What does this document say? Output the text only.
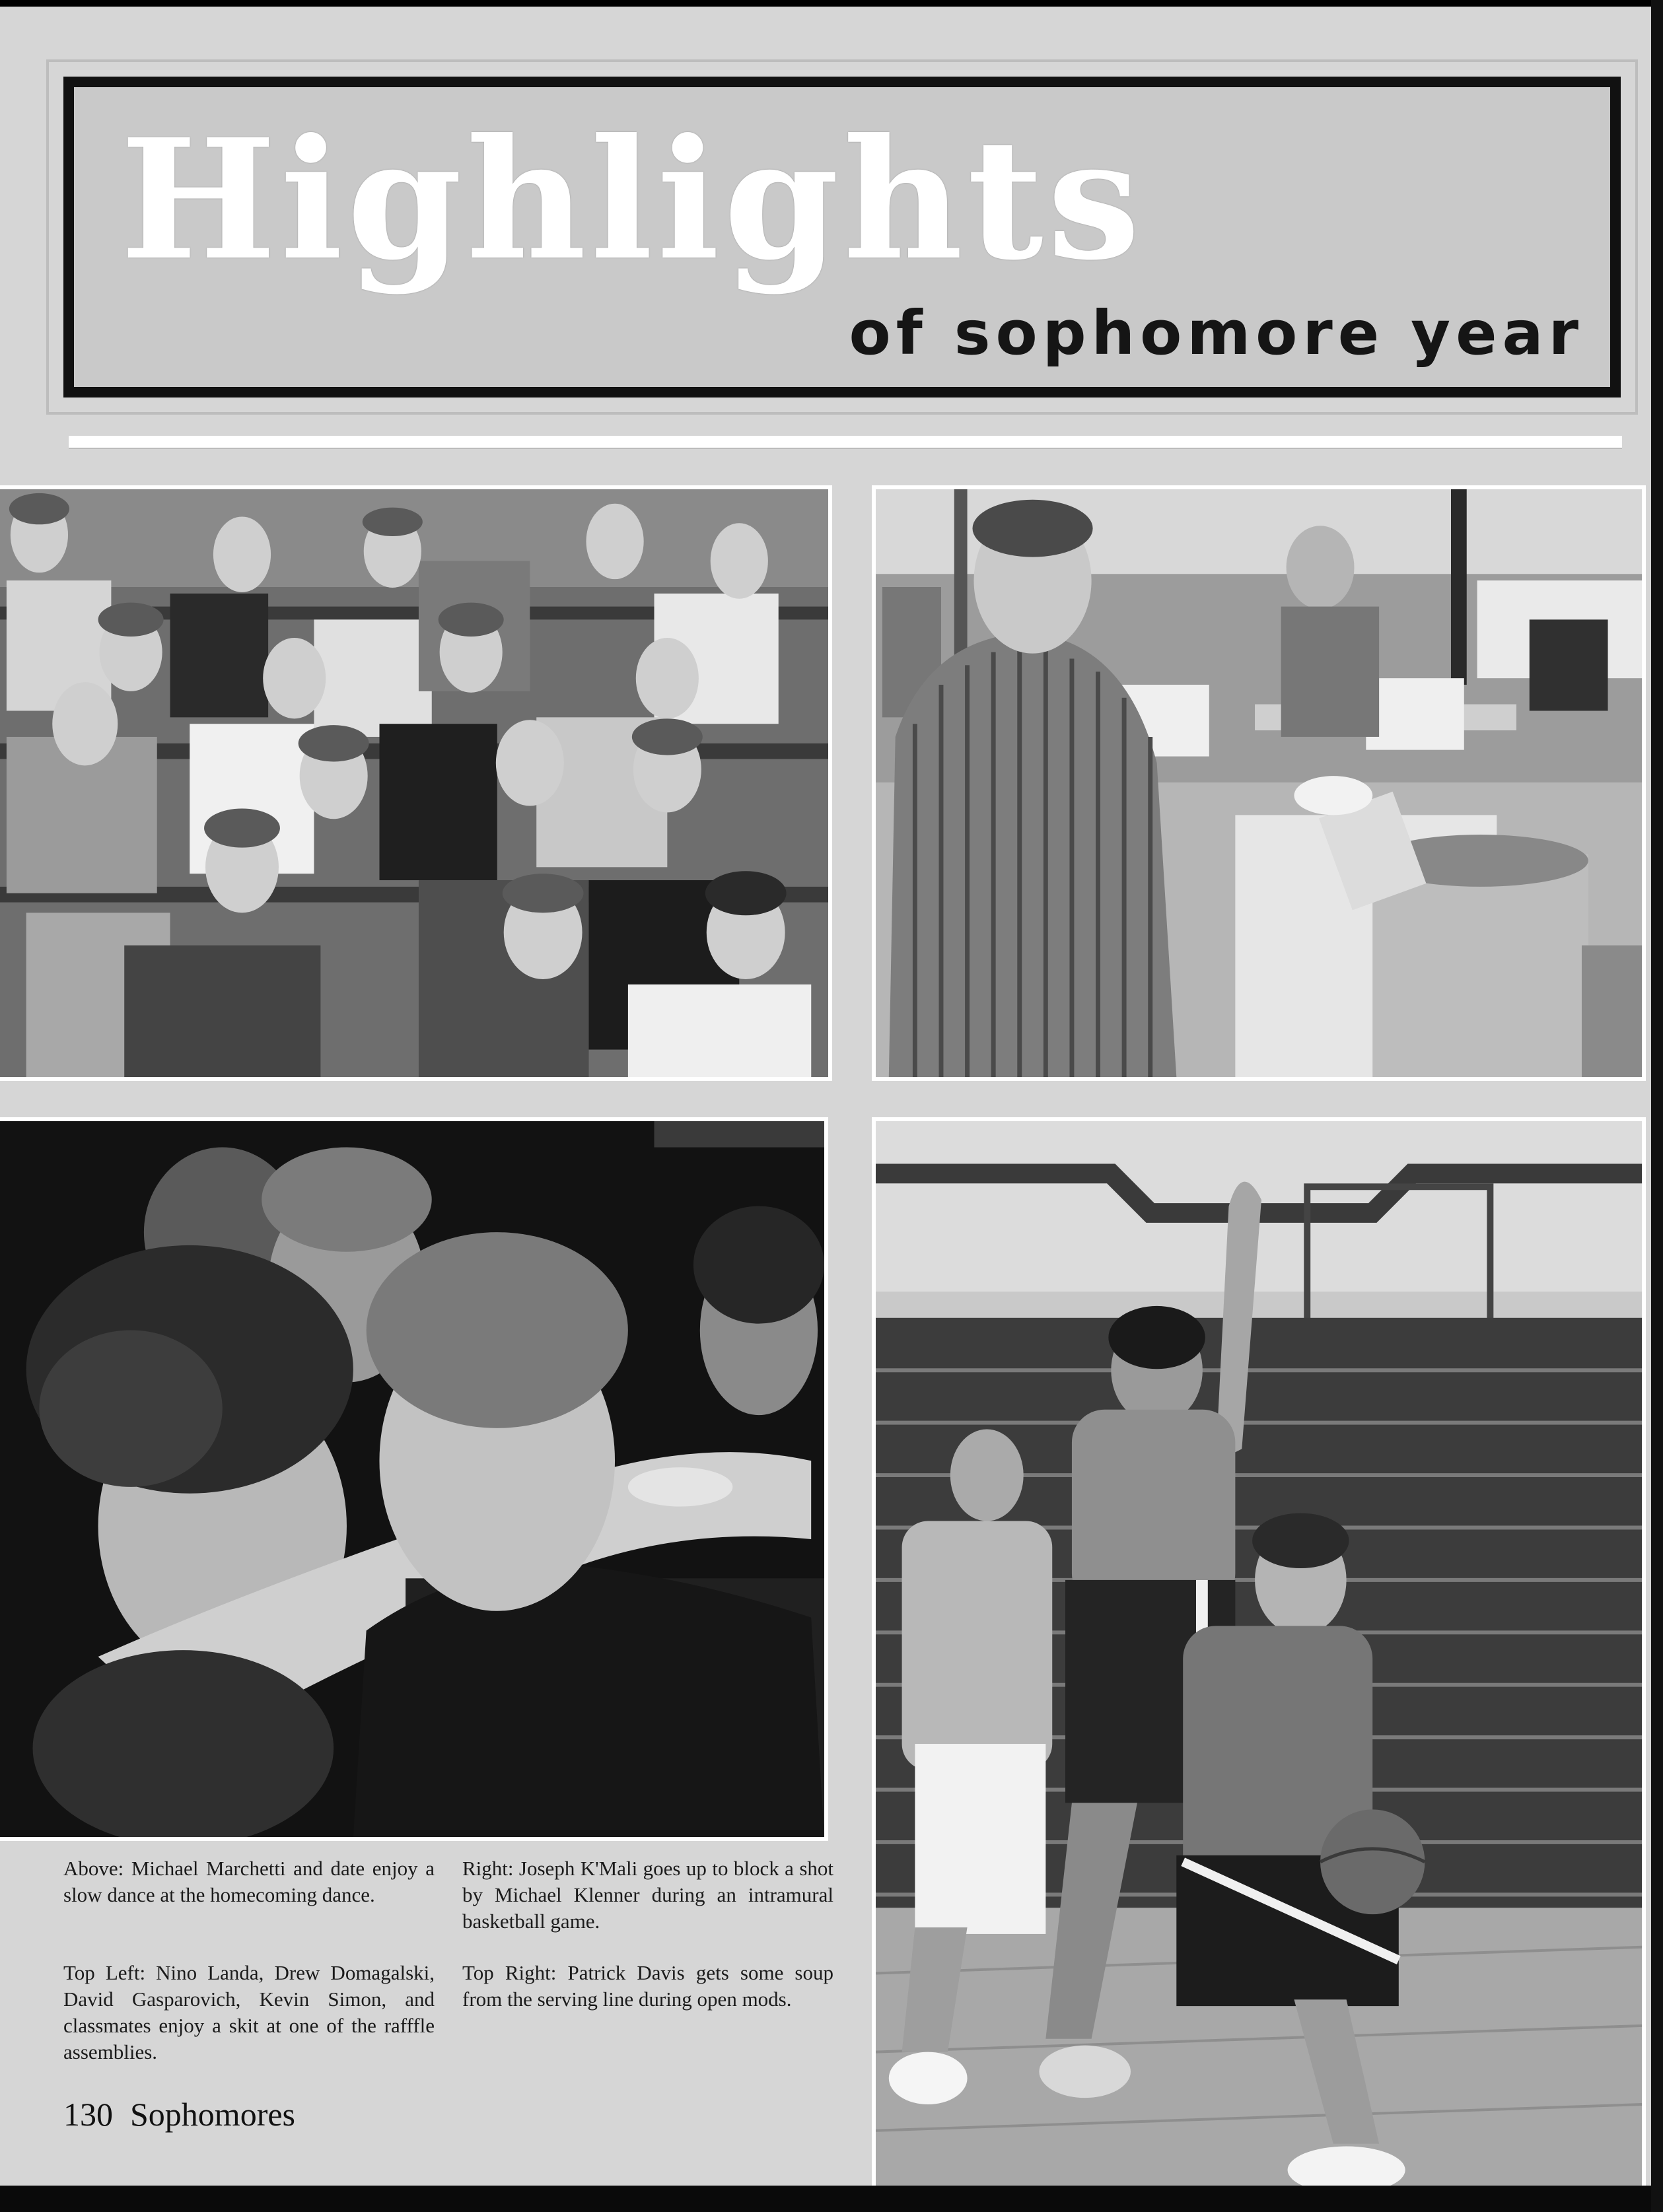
Highlights
of sophomore year

Above: Michael Marchetti and date enjoy a slow dance at the homecoming dance.

Top Left: Nino Landa, Drew Domagalski, David Gasparovich, Kevin Simon, and classmates enjoy a skit at one of the rafffle assemblies.

Right: Joseph K'Mali goes up to block a shot by Michael Klenner during an intramural basketball game.

Top Right: Patrick Davis gets some soup from the serving line during open mods.

130 Sophomores
